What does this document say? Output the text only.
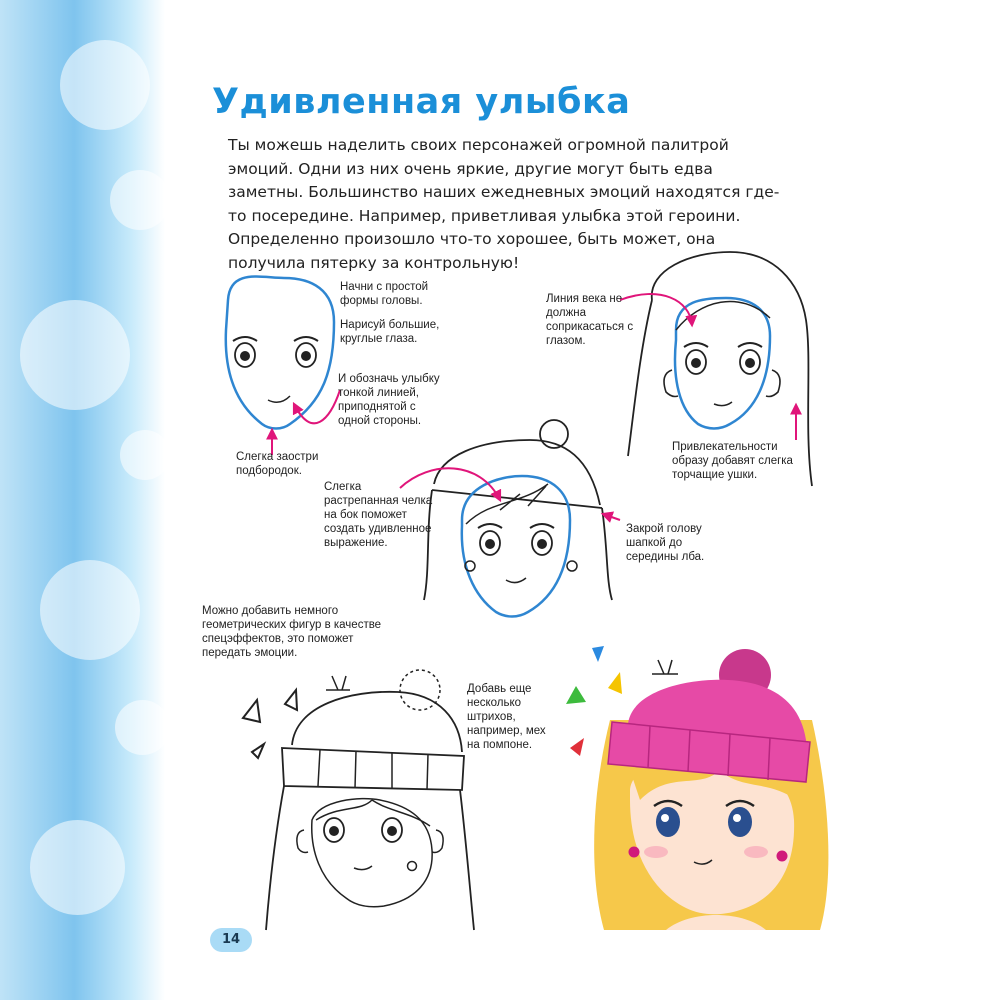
Удивленная улыбка

Ты можешь наделить своих персонажей огромной палитрой эмоций. Одни из них очень яркие, другие могут быть едва заметны. Большинство наших ежедневных эмоций находятся где-то посередине. Например, приветливая улыбка этой героини. Определенно произошло что-то хорошее, быть может, она получила пятерку за контрольную!

Начни с простой формы головы.

Нарисуй большие, круглые глаза.

И обозначь улыбку тонкой линией, приподнятой с одной стороны.

Слегка заостри подбородок.

Линия века не должна соприкасаться с глазом.

Привлекательности образу добавят слегка торчащие ушки.

Слегка растрепанная челка на бок поможет создать удивленное выражение.

Закрой голову шапкой до середины лба.

Можно добавить немного геометрических фигур в качестве спецэффектов, это поможет передать эмоции.

Добавь еще несколько штрихов, например, мех на помпоне.

14
